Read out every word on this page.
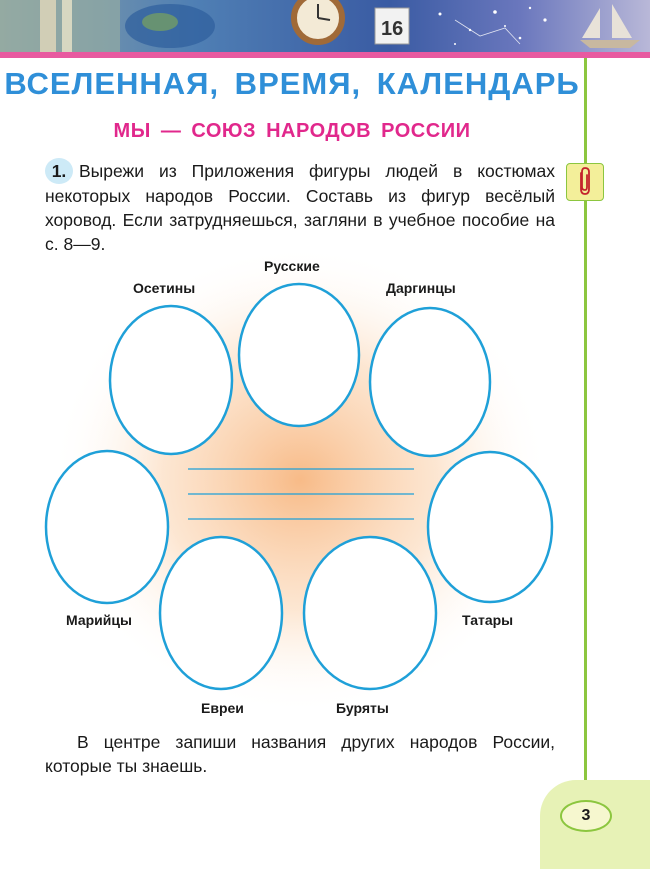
16
ВСЕЛЕННАЯ, ВРЕМЯ, КАЛЕНДАРЬ
МЫ — СОЮЗ НАРОДОВ РОССИИ
1. Вырежи из Приложения фигуры людей в костюмах некоторых народов России. Составь из фигур весёлый хоровод. Если затрудняешься, загляни в учебное пособие на с. 8—9.
Русские
Осетины	Даргинцы
Марийцы	Татары
Евреи	Буряты
В центре запиши названия других народов России, которые ты знаешь.
3
